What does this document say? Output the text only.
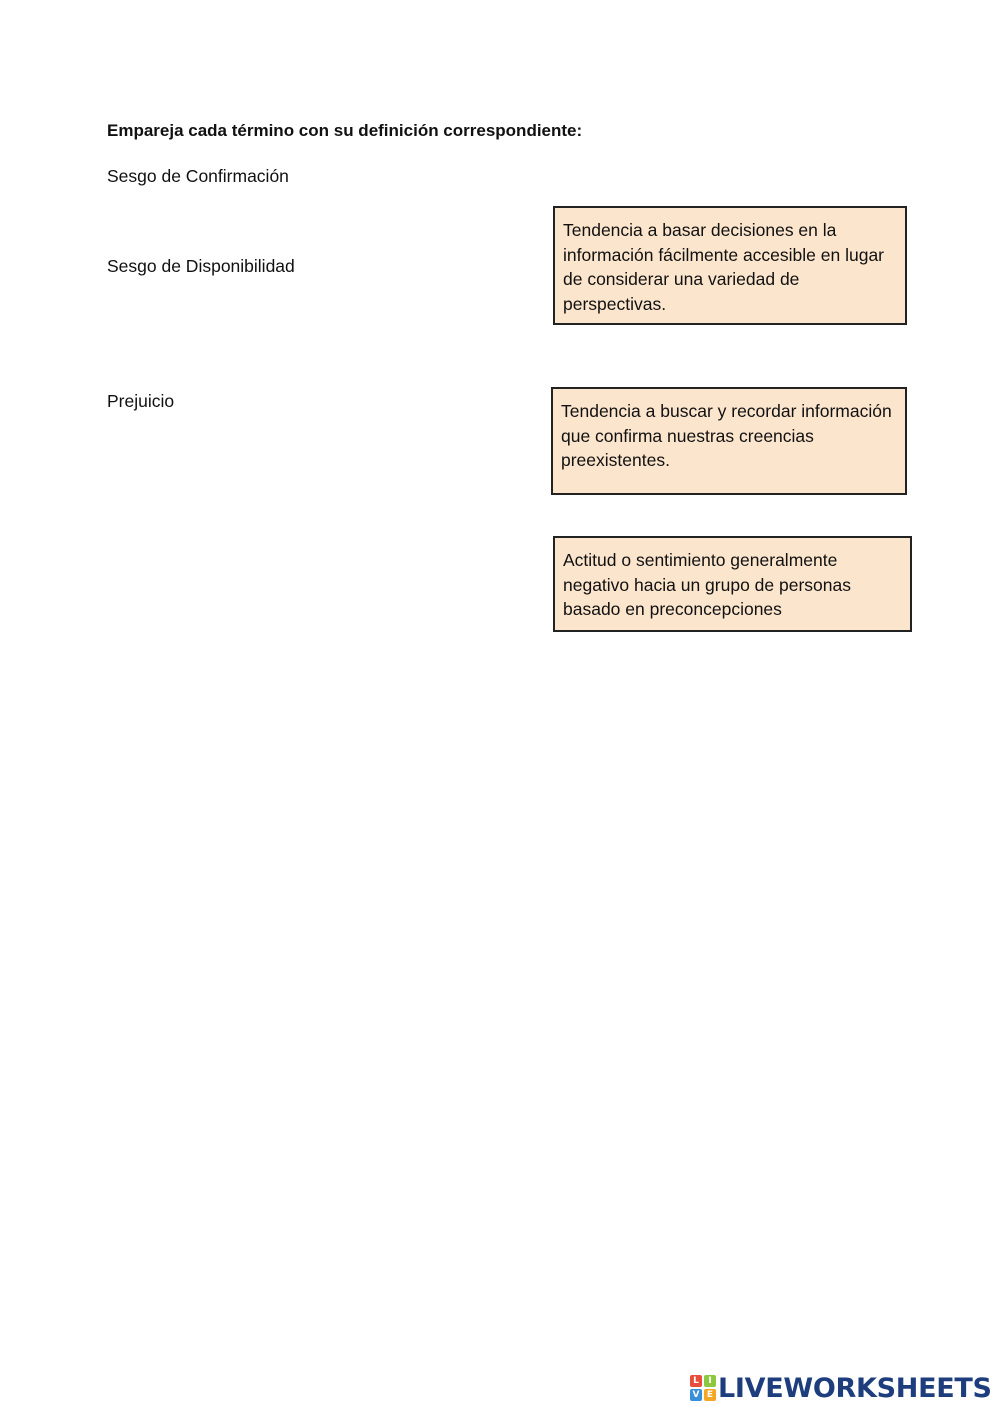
Empareja cada término con su definición correspondiente:
Sesgo de Confirmación
Sesgo de Disponibilidad
Prejuicio
Tendencia a basar decisiones en la información fácilmente accesible en lugar de considerar una variedad de perspectivas.
Tendencia a buscar y recordar información que confirma nuestras creencias preexistentes.
Actitud o sentimiento generalmente negativo hacia un grupo de personas basado en preconcepciones
L	I
V E LIVEWORKSHEETS
